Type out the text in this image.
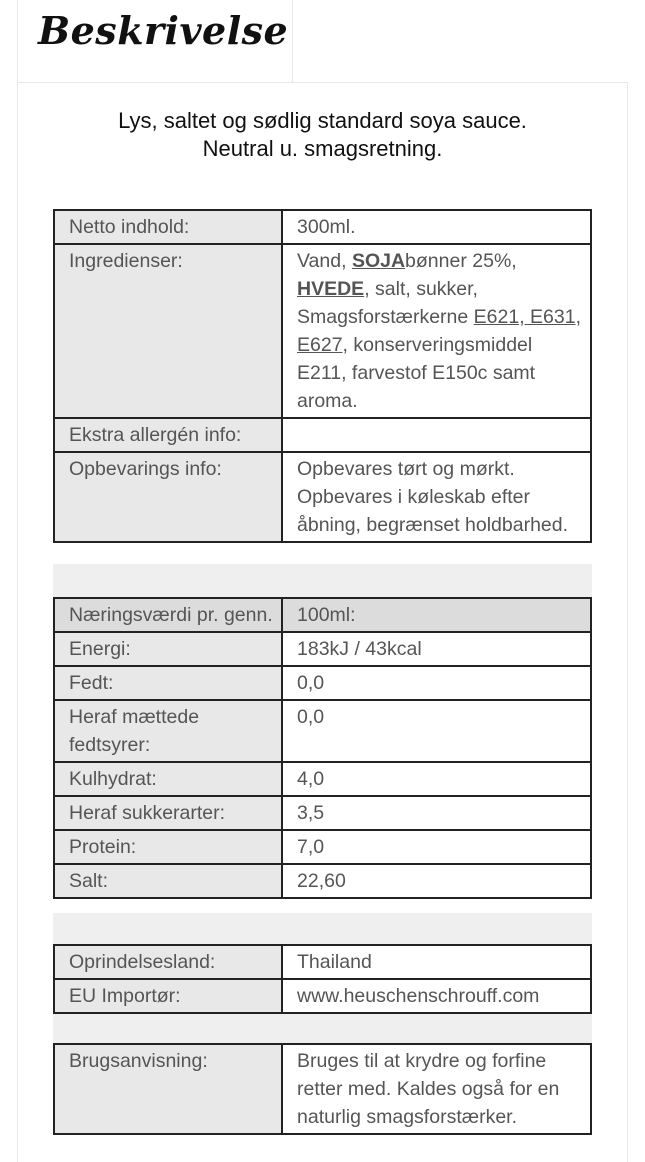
Beskrivelse
Lys, saltet og sødlig standard soya sauce.
Neutral u. smagsretning.
Netto indhold:	300ml.
Ingredienser:	Vand, SOJAbønner 25%, HVEDE, salt, sukker, Smagsforstærkerne E621, E631, E627, konserveringsmiddel E211, farvestof E150c samt aroma.
Ekstra allergén info:	
Opbevarings info:	Opbevares tørt og mørkt. Opbevares i køleskab efter åbning, begrænset holdbarhed.
Næringsværdi pr. genn.	100ml:
Energi:	183kJ / 43kcal
Fedt:	0,0
Heraf mættede fedtsyrer:	0,0
Kulhydrat:	4,0
Heraf sukkerarter:	3,5
Protein:	7,0
Salt:	22,60
Oprindelsesland:	Thailand
EU Importør:	www.heuschenschrouff.com
Brugsanvisning:	Bruges til at krydre og forfine retter med. Kaldes også for en naturlig smagsforstærker.
